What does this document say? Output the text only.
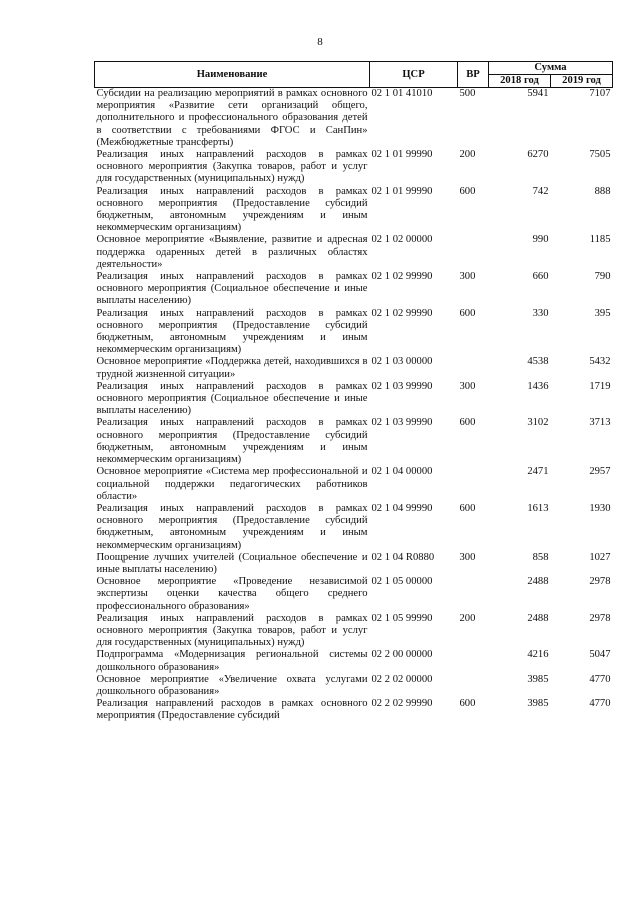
8
Наименование	ЦСР	ВР	Сумма	
			2018 год	2019 год
Субсидии на реализацию мероприятий в рамках основного мероприятия «Развитие сети организаций общего, дополнительного и профессионального образования детей в соответствии с требованиями ФГОС и СанПин» (Межбюджетные трансферты)	02 1 01 41010	500	5941	7107
Реализация иных направлений расходов в рамках основного мероприятия (Закупка товаров, работ и услуг для государственных (муниципальных) нужд)	02 1 01 99990	200	6270	7505
Реализация иных направлений расходов в рамках основного мероприятия (Предоставление субсидий бюджетным, автономным учреждениям и иным некоммерческим организациям)	02 1 01 99990	600	742	888
Основное мероприятие «Выявление, развитие и адресная поддержка одаренных детей в различных областях деятельности»	02 1 02 00000		990	1185
Реализация иных направлений расходов в рамках основного мероприятия (Социальное обеспечение и иные выплаты населению)	02 1 02 99990	300	660	790
Реализация иных направлений расходов в рамках основного мероприятия (Предоставление субсидий бюджетным, автономным учреждениям и иным некоммерческим организациям)	02 1 02 99990	600	330	395
Основное мероприятие «Поддержка детей, находившихся в трудной жизненной ситуации»	02 1 03 00000		4538	5432
Реализация иных направлений расходов в рамках основного мероприятия (Социальное обеспечение и иные выплаты населению)	02 1 03 99990	300	1436	1719
Реализация иных направлений расходов в рамках основного мероприятия (Предоставление субсидий бюджетным, автономным учреждениям и иным некоммерческим организациям)	02 1 03 99990	600	3102	3713
Основное мероприятие «Система мер профессиональной и социальной поддержки педагогических работников области»	02 1 04 00000		2471	2957
Реализация иных направлений расходов в рамках основного мероприятия (Предоставление субсидий бюджетным, автономным учреждениям и иным некоммерческим организациям)	02 1 04 99990	600	1613	1930
Поощрение лучших учителей (Социальное обеспечение и иные выплаты населению)	02 1 04 R0880	300	858	1027
Основное мероприятие «Проведение независимой экспертизы оценки качества общего среднего профессионального образования»	02 1 05 00000		2488	2978
Реализация иных направлений расходов в рамках основного мероприятия (Закупка товаров, работ и услуг для государственных (муниципальных) нужд)	02 1 05 99990	200	2488	2978
Подпрограмма «Модернизация региональной системы дошкольного образования»	02 2 00 00000		4216	5047
Основное мероприятие «Увеличение охвата услугами дошкольного образования»	02 2 02 00000		3985	4770
Реализация направлений расходов в рамках основного мероприятия (Предоставление субсидий	02 2 02 99990	600	3985	4770
